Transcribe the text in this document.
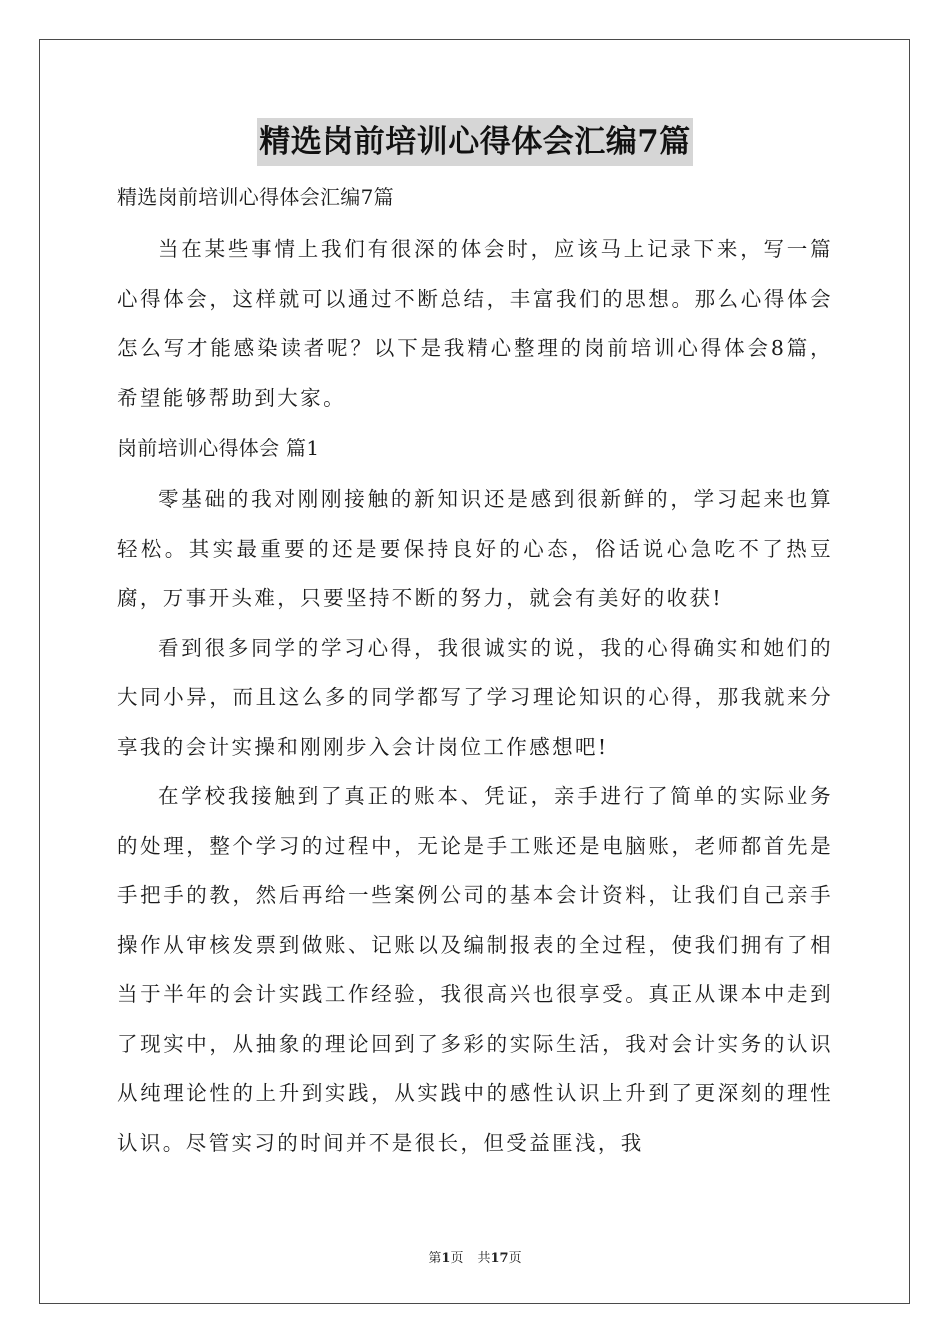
精选岗前培训心得体会汇编7篇
精选岗前培训心得体会汇编7篇

当在某些事情上我们有很深的体会时，应该马上记录下来，写一篇心得体会，这样就可以通过不断总结，丰富我们的思想。那么心得体会怎么写才能感染读者呢？以下是我精心整理的岗前培训心得体会8篇，希望能够帮助到大家。

岗前培训心得体会 篇1

零基础的我对刚刚接触的新知识还是感到很新鲜的，学习起来也算轻松。其实最重要的还是要保持良好的心态，俗话说心急吃不了热豆腐，万事开头难，只要坚持不断的努力，就会有美好的收获!

看到很多同学的学习心得，我很诚实的说，我的心得确实和她们的大同小异，而且这么多的同学都写了学习理论知识的心得，那我就来分享我的会计实操和刚刚步入会计岗位工作感想吧!

在学校我接触到了真正的账本、凭证，亲手进行了简单的实际业务的处理，整个学习的过程中，无论是手工账还是电脑账，老师都首先是手把手的教，然后再给一些案例公司的基本会计资料，让我们自己亲手操作从审核发票到做账、记账以及编制报表的全过程，使我们拥有了相当于半年的会计实践工作经验，我很高兴也很享受。真正从课本中走到了现实中，从抽象的理论回到了多彩的实际生活，我对会计实务的认识从纯理论性的上升到实践，从实践中的感性认识上升到了更深刻的理性认识。尽管实习的时间并不是很长，但受益匪浅，我

第1页 共17页
